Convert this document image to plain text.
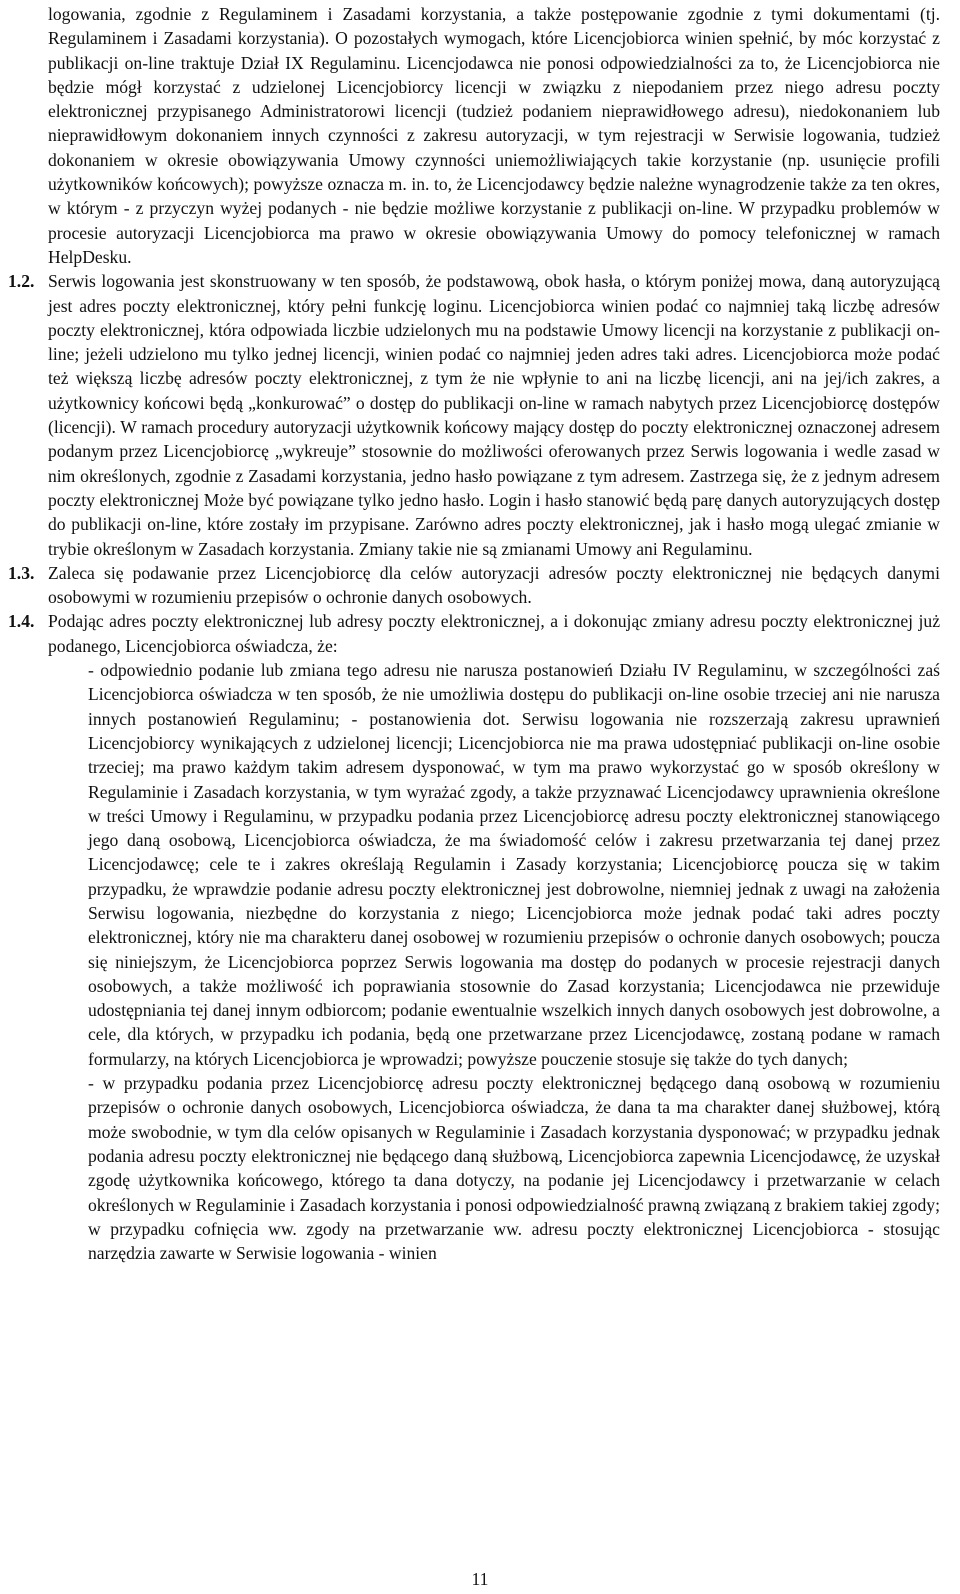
logowania, zgodnie z Regulaminem i Zasadami korzystania, a także postępowanie zgodnie z tymi dokumentami (tj. Regulaminem i Zasadami korzystania). O pozostałych wymogach, które Licencjobiorca winien spełnić, by móc korzystać z publikacji on-line traktuje Dział IX Regulaminu. Licencjodawca nie ponosi odpowiedzialności za to, że Licencjobiorca nie będzie mógł korzystać z udzielonej Licencjobiorcy licencji w związku z niepodaniem przez niego adresu poczty elektronicznej przypisanego Administratorowi licencji (tudzież podaniem nieprawidłowego adresu), niedokonaniem lub nieprawidłowym dokonaniem innych czynności z zakresu autoryzacji, w tym rejestracji w Serwisie logowania, tudzież dokonaniem w okresie obowiązywania Umowy czynności uniemożliwiających takie korzystanie (np. usunięcie profili użytkowników końcowych); powyższe oznacza m. in. to, że Licencjodawcy będzie należne wynagrodzenie także za ten okres, w którym - z przyczyn wyżej podanych - nie będzie możliwe korzystanie z publikacji on-line. W przypadku problemów w procesie autoryzacji Licencjobiorca ma prawo w okresie obowiązywania Umowy do pomocy telefonicznej w ramach HelpDesku.

1.2. Serwis logowania jest skonstruowany w ten sposób, że podstawową, obok hasła, o którym poniżej mowa, daną autoryzującą jest adres poczty elektronicznej, który pełni funkcję loginu. Licencjobiorca winien podać co najmniej taką liczbę adresów poczty elektronicznej, która odpowiada liczbie udzielonych mu na podstawie Umowy licencji na korzystanie z publikacji on-line; jeżeli udzielono mu tylko jednej licencji, winien podać co najmniej jeden adres taki adres. Licencjobiorca może podać też większą liczbę adresów poczty elektronicznej, z tym że nie wpłynie to ani na liczbę licencji, ani na jej/ich zakres, a użytkownicy końcowi będą „konkurować” o dostęp do publikacji on-line w ramach nabytych przez Licencjobiorcę dostępów (licencji). W ramach procedury autoryzacji użytkownik końcowy mający dostęp do poczty elektronicznej oznaczonej adresem podanym przez Licencjobiorcę „wykreuje” stosownie do możliwości oferowanych przez Serwis logowania i wedle zasad w nim określonych, zgodnie z Zasadami korzystania, jedno hasło powiązane z tym adresem. Zastrzega się, że z jednym adresem poczty elektronicznej Może być powiązane tylko jedno hasło. Login i hasło stanowić będą parę danych autoryzujących dostęp do publikacji on-line, które zostały im przypisane. Zarówno adres poczty elektronicznej, jak i hasło mogą ulegać zmianie w trybie określonym w Zasadach korzystania. Zmiany takie nie są zmianami Umowy ani Regulaminu.
1.3. Zaleca się podawanie przez Licencjobiorcę dla celów autoryzacji adresów poczty elektronicznej nie będących danymi osobowymi w rozumieniu przepisów o ochronie danych osobowych.
1.4. Podając adres poczty elektronicznej lub adresy poczty elektronicznej, a i dokonując zmiany adresu poczty elektronicznej już podanego, Licencjobiorca oświadcza, że:

- odpowiednio podanie lub zmiana tego adresu nie narusza postanowień Działu IV Regulaminu, w szczególności zaś Licencjobiorca oświadcza w ten sposób, że nie umożliwia dostępu do publikacji on-line osobie trzeciej ani nie narusza innych postanowień Regulaminu; - postanowienia dot. Serwisu logowania nie rozszerzają zakresu uprawnień Licencjobiorcy wynikających z udzielonej licencji; Licencjobiorca nie ma prawa udostępniać publikacji on-line osobie trzeciej; ma prawo każdym takim adresem dysponować, w tym ma prawo wykorzystać go w sposób określony w Regulaminie i Zasadach korzystania, w tym wyrażać zgody, a także przyznawać Licencjodawcy uprawnienia określone w treści Umowy i Regulaminu, w przypadku podania przez Licencjobiorcę adresu poczty elektronicznej stanowiącego jego daną osobową, Licencjobiorca oświadcza, że ma świadomość celów i zakresu przetwarzania tej danej przez Licencjodawcę; cele te i zakres określają Regulamin i Zasady korzystania; Licencjobiorcę poucza się w takim przypadku, że wprawdzie podanie adresu poczty elektronicznej jest dobrowolne, niemniej jednak z uwagi na założenia Serwisu logowania, niezbędne do korzystania z niego; Licencjobiorca może jednak podać taki adres poczty elektronicznej, który nie ma charakteru danej osobowej w rozumieniu przepisów o ochronie danych osobowych; poucza się niniejszym, że Licencjobiorca poprzez Serwis logowania ma dostęp do podanych w procesie rejestracji danych osobowych, a także możliwość ich poprawiania stosownie do Zasad korzystania; Licencjodawca nie przewiduje udostępniania tej danej innym odbiorcom; podanie ewentualnie wszelkich innych danych osobowych jest dobrowolne, a cele, dla których, w przypadku ich podania, będą one przetwarzane przez Licencjodawcę, zostaną podane w ramach formularzy, na których Licencjobiorca je wprowadzi; powyższe pouczenie stosuje się także do tych danych;

- w przypadku podania przez Licencjobiorcę adresu poczty elektronicznej będącego daną osobową w rozumieniu przepisów o ochronie danych osobowych, Licencjobiorca oświadcza, że dana ta ma charakter danej służbowej, którą może swobodnie, w tym dla celów opisanych w Regulaminie i Zasadach korzystania dysponować; w przypadku jednak podania adresu poczty elektronicznej nie będącego daną służbową, Licencjobiorca zapewnia Licencjodawcę, że uzyskał zgodę użytkownika końcowego, którego ta dana dotyczy, na podanie jej Licencjodawcy i przetwarzanie w celach określonych w Regulaminie i Zasadach korzystania i ponosi odpowiedzialność prawną związaną z brakiem takiej zgody; w przypadku cofnięcia ww. zgody na przetwarzanie ww. adresu poczty elektronicznej Licencjobiorca - stosując narzędzia zawarte w Serwisie logowania - winien

11
